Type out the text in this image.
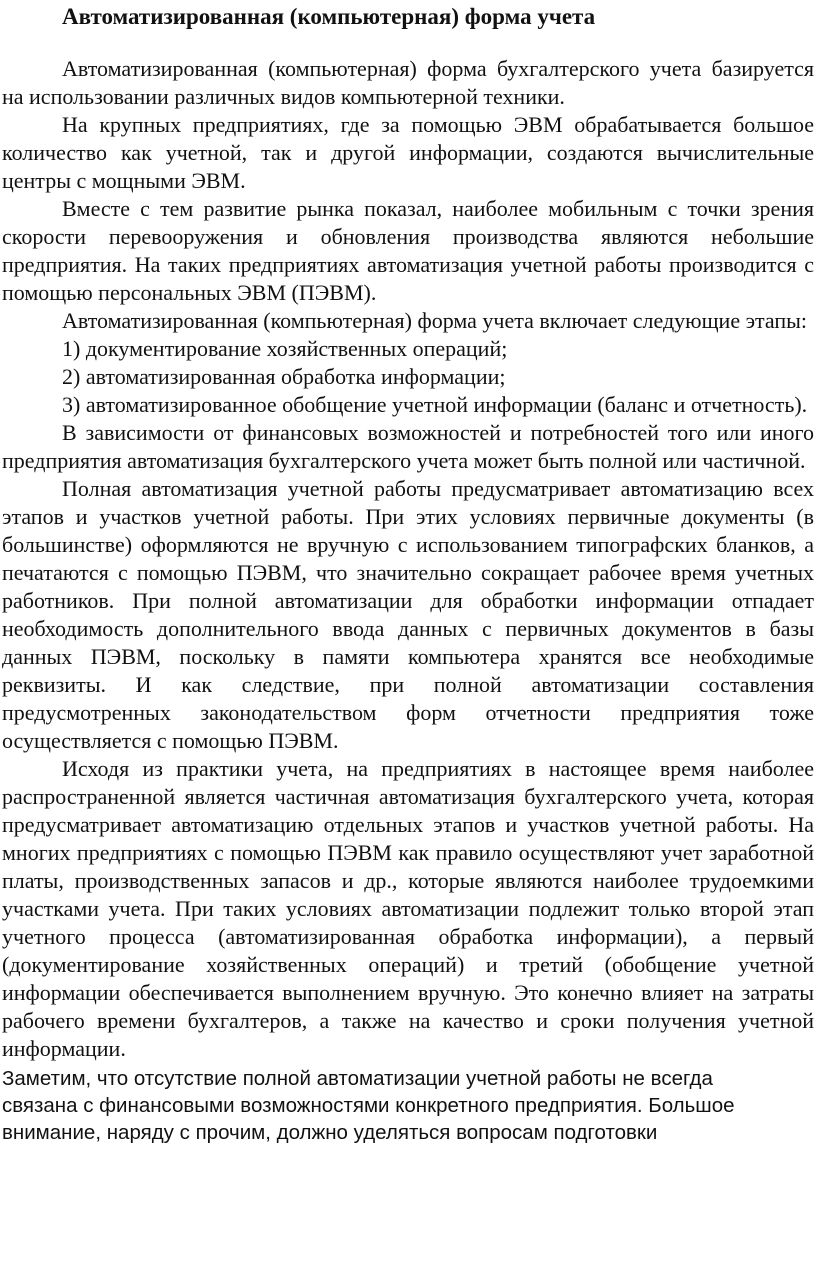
Автоматизированная (компьютерная) форма учета

Автоматизированная (компьютерная) форма бухгалтерского учета базируется на использовании различных видов компьютерной техники.

На крупных предприятиях, где за помощью ЭВМ обрабатывается большое количество как учетной, так и другой информации, создаются вычислительные центры с мощными ЭВМ.

Вместе с тем развитие рынка показал, наиболее мобильным с точки зрения скорости перевооружения и обновления производства являются небольшие предприятия. На таких предприятиях автоматизация учетной работы производится с помощью персональных ЭВМ (ПЭВМ).

Автоматизированная (компьютерная) форма учета включает следующие этапы:

1) документирование хозяйственных операций;

2) автоматизированная обработка информации;

3) автоматизированное обобщение учетной информации (баланс и отчетность).

В зависимости от финансовых возможностей и потребностей того или иного предприятия автоматизация бухгалтерского учета может быть полной или частичной.

Полная автоматизация учетной работы предусматривает автоматизацию всех этапов и участков учетной работы. При этих условиях первичные документы (в большинстве) оформляются не вручную с использованием типографских бланков, а печатаются с помощью ПЭВМ, что значительно сокращает рабочее время учетных работников. При полной автоматизации для обработки информации отпадает необходимость дополнительного ввода данных с первичных документов в базы данных ПЭВМ, поскольку в памяти компьютера хранятся все необходимые реквизиты. И как следствие, при полной автоматизации составления предусмотренных законодательством форм отчетности предприятия тоже осуществляется с помощью ПЭВМ.

Исходя из практики учета, на предприятиях в настоящее время наиболее распространенной является частичная автоматизация бухгалтерского учета, которая предусматривает автоматизацию отдельных этапов и участков учетной работы. На многих предприятиях с помощью ПЭВМ как правило осуществляют учет заработной платы, производственных запасов и др., которые являются наиболее трудоемкими участками учета. При таких условиях автоматизации подлежит только второй этап учетного процесса (автоматизированная обработка информации), а первый (документирование хозяйственных операций) и третий (обобщение учетной информации обеспечивается выполнением вручную. Это конечно влияет на затраты рабочего времени бухгалтеров, а также на качество и сроки получения учетной информации.

Заметим, что отсутствие полной автоматизации учетной работы не всегда
связана с финансовыми возможностями конкретного предприятия. Большое
внимание, наряду с прочим, должно уделяться вопросам подготовки
